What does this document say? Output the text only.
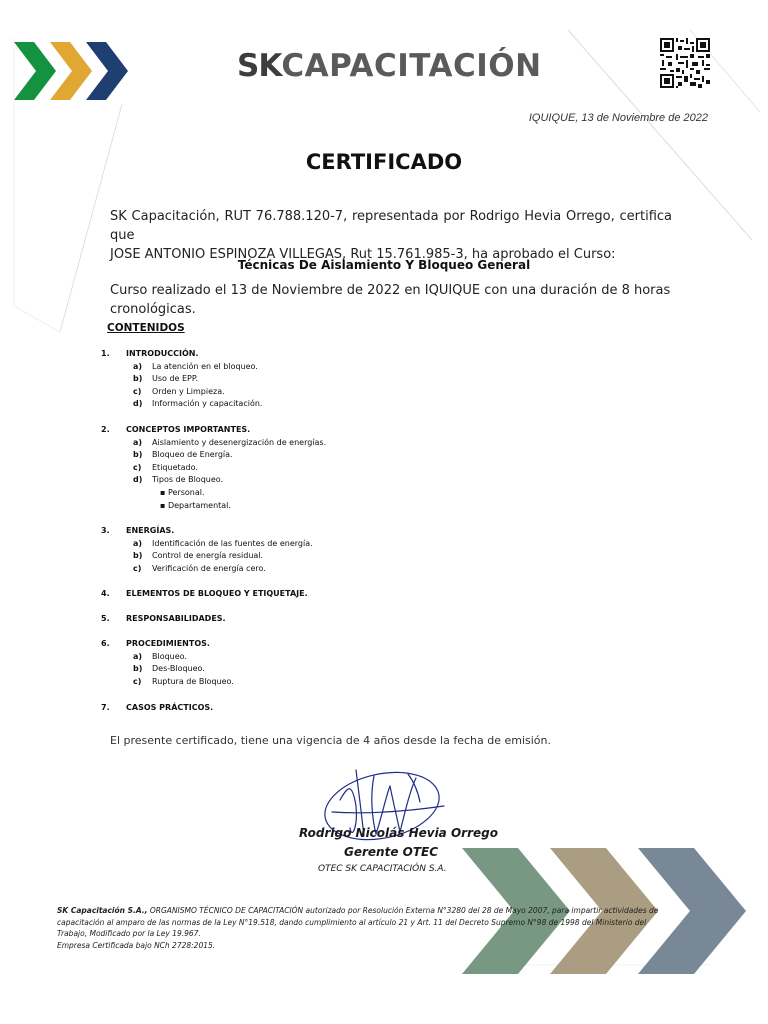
SKCAPACITACIÓN
IQUIQUE, 13 de Noviembre de 2022
CERTIFICADO
SK Capacitación, RUT 76.788.120-7, representada por Rodrigo Hevia Orrego, certifica que
JOSE ANTONIO ESPINOZA VILLEGAS, Rut 15.761.985-3, ha aprobado el Curso:
Técnicas De Aislamiento Y Bloqueo General
Curso realizado el 13 de Noviembre de 2022 en IQUIQUE con una duración de 8 horas
cronológicas.
CONTENIDOS
1. INTRODUCCIÓN.
a) La atención en el bloqueo.
b) Uso de EPP.
c) Orden y Limpieza.
d) Información y capacitación.
2. CONCEPTOS IMPORTANTES.
a) Aislamiento y desenergización de energías.
b) Bloqueo de Energía.
c) Etiquetado.
d) Tipos de Bloqueo.
▪ Personal.
▪ Departamental.
3. ENERGÍAS.
a) Identificación de las fuentes de energía.
b) Control de energía residual.
c) Verificación de energía cero.
4. ELEMENTOS DE BLOQUEO Y ETIQUETAJE.
5. RESPONSABILIDADES.
6. PROCEDIMIENTOS.
a) Bloqueo.
b) Des-Bloqueo.
c) Ruptura de Bloqueo.
7. CASOS PRÁCTICOS.
El presente certificado, tiene una vigencia de 4 años desde la fecha de emisión.
Rodrigo Nicolás Hevia Orrego
Gerente OTEC
OTEC SK CAPACITACIÓN S.A.
SK Capacitación S.A., ORGANISMO TÉCNICO DE CAPACITACIÓN autorizado por Resolución Externa N°3280 del 28 de Mayo 2007, para impartir actividades de
capacitación al amparo de las normas de la Ley N°19.518, dando cumplimiento al artículo 21 y Art. 11 del Decreto Supremo N°98 de 1998 del Ministerio del
Trabajo, Modificado por la Ley 19.967.
Empresa Certificada bajo NCh 2728:2015.
